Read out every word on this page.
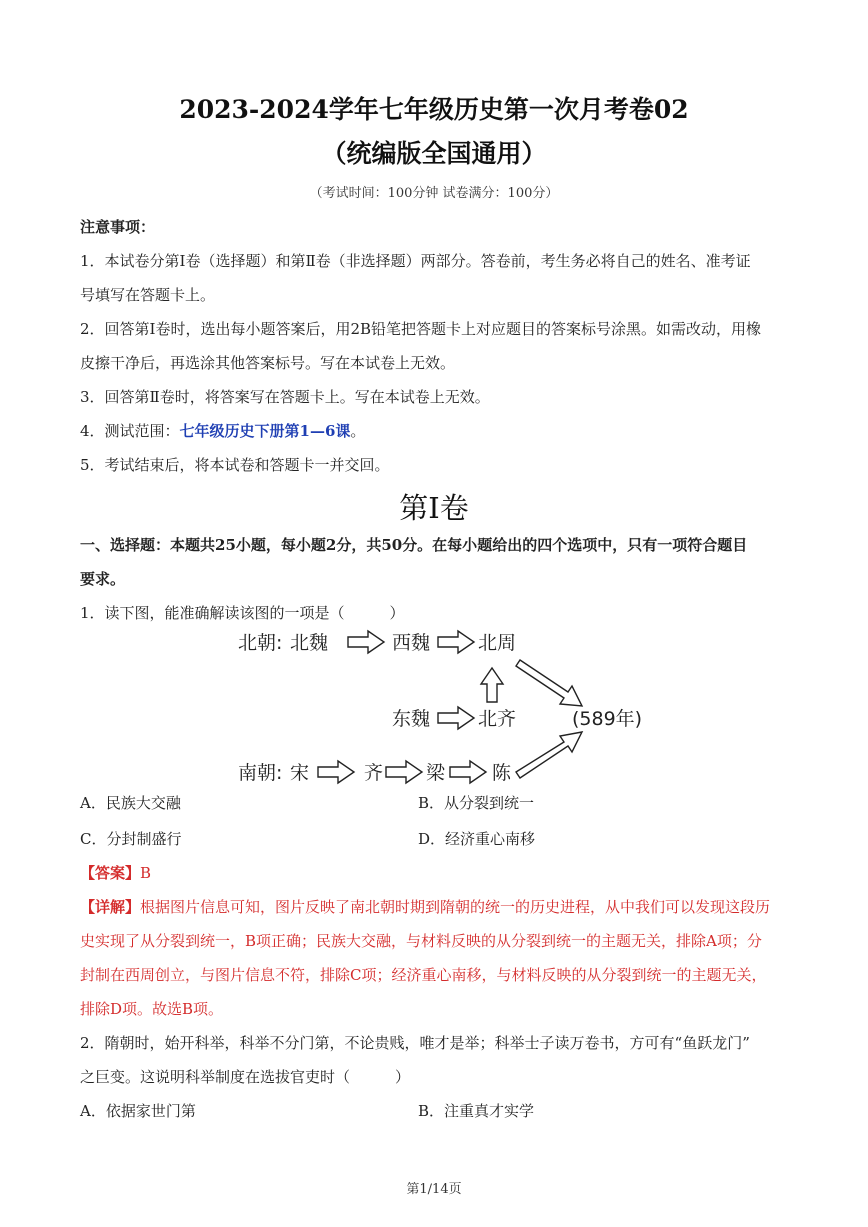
2023-2024学年七年级历史第一次月考卷02
（统编版全国通用）
（考试时间：100分钟 试卷满分：100分）
注意事项：
1．本试卷分第Ⅰ卷（选择题）和第Ⅱ卷（非选择题）两部分。答卷前，考生务必将自己的姓名、准考证
号填写在答题卡上。
2．回答第Ⅰ卷时，选出每小题答案后，用2B铅笔把答题卡上对应题目的答案标号涂黑。如需改动，用橡
皮擦干净后，再选涂其他答案标号。写在本试卷上无效。
3．回答第Ⅱ卷时，将答案写在答题卡上。写在本试卷上无效。
4．测试范围：七年级历史下册第1—6课。
5．考试结束后，将本试卷和答题卡一并交回。
第Ⅰ卷
一、选择题：本题共25小题，每小题2分，共50分。在每小题给出的四个选项中，只有一项符合题目
要求。
1．读下图，能准确解读该图的一项是（　　　）
北朝: 北魏	西魏	北周
东魏	北齐	(589年)
南朝: 宋	齐 梁 陈
A．民族大交融	B．从分裂到统一
C．分封制盛行	D．经济重心南移
【答案】B
【详解】根据图片信息可知，图片反映了南北朝时期到隋朝的统一的历史进程，从中我们可以发现这段历
史实现了从分裂到统一，B项正确；民族大交融，与材料反映的从分裂到统一的主题无关，排除A项；分
封制在西周创立，与图片信息不符，排除C项；经济重心南移，与材料反映的从分裂到统一的主题无关，
排除D项。故选B项。
2．隋朝时，始开科举，科举不分门第，不论贵贱，唯才是举；科举士子读万卷书，方可有“鱼跃龙门”
之巨变。这说明科举制度在选拔官吏时（　　　）
A．依据家世门第	B．注重真才实学
第1/14页
